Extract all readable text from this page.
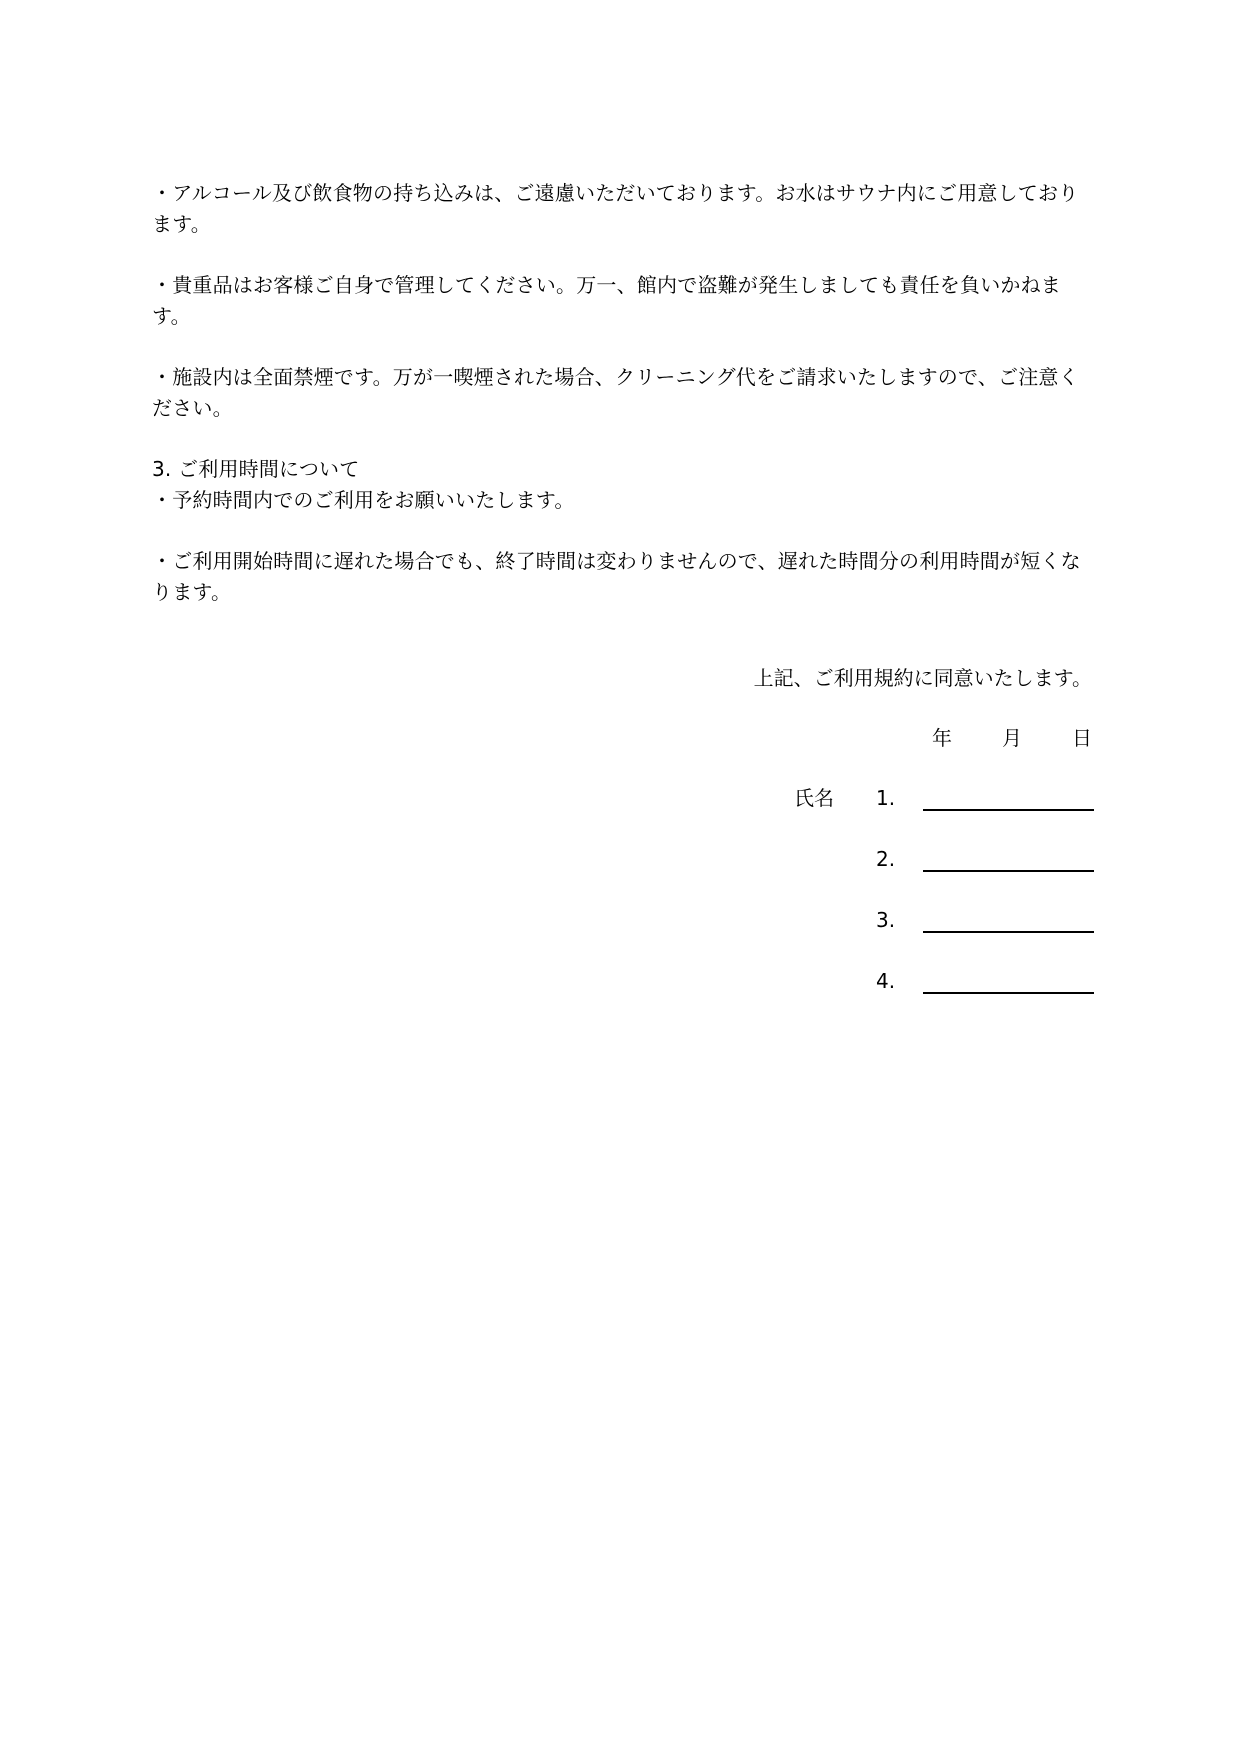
・アルコール及び飲食物の持ち込みは、ご遠慮いただいております。お水はサウナ内にご用意しております。

・貴重品はお客様ご自身で管理してください。万一、館内で盗難が発生しましても責任を負いかねます。

・施設内は全面禁煙です。万が一喫煙された場合、クリーニング代をご請求いたしますので、ご注意ください。

3. ご利用時間について

・予約時間内でのご利用をお願いいたします。

・ご利用開始時間に遅れた場合でも、終了時間は変わりませんので、遅れた時間分の利用時間が短くなります。

上記、ご利用規約に同意いたします。
年	月	日
氏名 1.
2.
3.
4.
